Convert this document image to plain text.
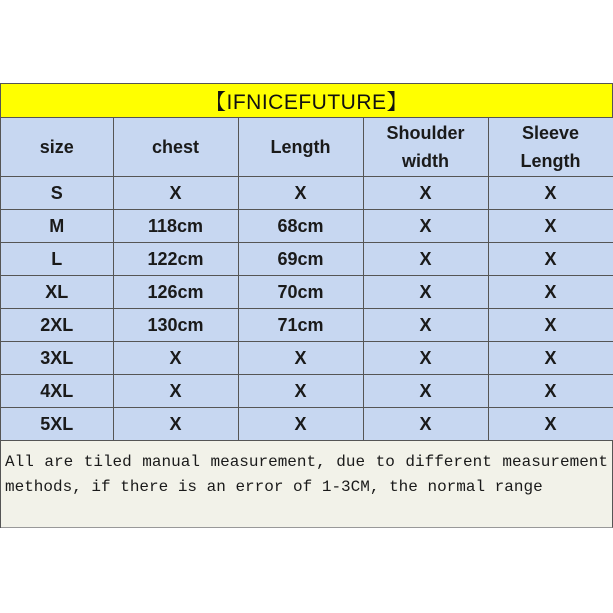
【IFNICEFUTURE】
size	chest	Length	Shoulder width	Sleeve Length
S	X	X	X	X
M	118cm	68cm	X	X
L	122cm	69cm	X	X
XL	126cm	70cm	X	X
2XL	130cm	71cm	X	X
3XL	X	X	X	X
4XL	X	X	X	X
5XL	X	X	X	X
All are tiled manual measurement, due to different measurement methods, if there is an error of 1-3CM, the normal range
